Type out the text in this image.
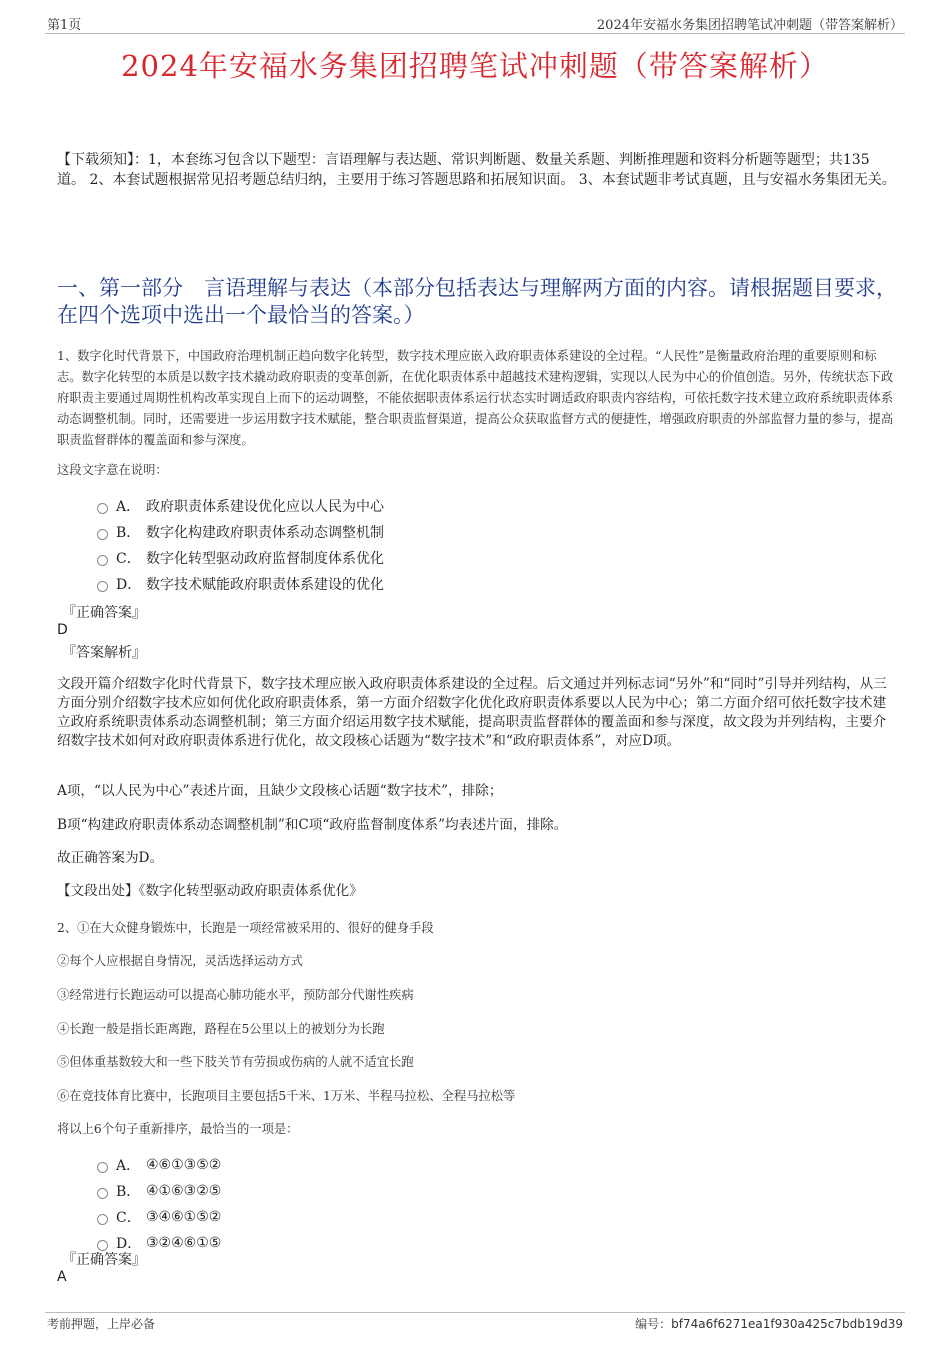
第1页	2024年安福水务集团招聘笔试冲刺题（带答案解析）
2024年安福水务集团招聘笔试冲刺题（带答案解析）
【下载须知】：1，本套练习包含以下题型：言语理解与表达题、常识判断题、数量关系题、判断推理题和资料分析题等题型；共135道。 2、本套试题根据常见招考题总结归纳，主要用于练习答题思路和拓展知识面。 3、本套试题非考试真题，且与安福水务集团无关。
一、第一部分　言语理解与表达（本部分包括表达与理解两方面的内容。请根据题目要求，在四个选项中选出一个最恰当的答案。）
1、数字化时代背景下，中国政府治理机制正趋向数字化转型，数字技术理应嵌入政府职责体系建设的全过程。“人民性”是衡量政府治理的重要原则和标志。数字化转型的本质是以数字技术撬动政府职责的变革创新，在优化职责体系中超越技术建构逻辑，实现以人民为中心的价值创造。另外，传统状态下政府职责主要通过周期性机构改革实现自上而下的运动调整，不能依据职责体系运行状态实时调适政府职责内容结构，可依托数字技术建立政府系统职责体系动态调整机制。同时，还需要进一步运用数字技术赋能，整合职责监督渠道，提高公众获取监督方式的便捷性，增强政府职责的外部监督力量的参与，提高职责监督群体的覆盖面和参与深度。
这段文字意在说明：
A． 政府职责体系建设优化应以人民为中心
B． 数字化构建政府职责体系动态调整机制
C． 数字化转型驱动政府监督制度体系优化
D． 数字技术赋能政府职责体系建设的优化
『正确答案』
D
『答案解析』
文段开篇介绍数字化时代背景下，数字技术理应嵌入政府职责体系建设的全过程。后文通过并列标志词“另外”和“同时”引导并列结构，从三方面分别介绍数字技术应如何优化政府职责体系，第一方面介绍数字化优化政府职责体系要以人民为中心；第二方面介绍可依托数字技术建立政府系统职责体系动态调整机制；第三方面介绍运用数字技术赋能，提高职责监督群体的覆盖面和参与深度，故文段为并列结构，主要介绍数字技术如何对政府职责体系进行优化，故文段核心话题为“数字技术”和“政府职责体系”，对应D项。
A项，“以人民为中心”表述片面，且缺少文段核心话题“数字技术”，排除；
B项“构建政府职责体系动态调整机制”和C项“政府监督制度体系”均表述片面，排除。
故正确答案为D。
【文段出处】《数字化转型驱动政府职责体系优化》
2、①在大众健身锻炼中，长跑是一项经常被采用的、很好的健身手段
②每个人应根据自身情况，灵活选择运动方式
③经常进行长跑运动可以提高心肺功能水平，预防部分代谢性疾病
④长跑一般是指长距离跑，路程在5公里以上的被划分为长跑
⑤但体重基数较大和一些下肢关节有劳损或伤病的人就不适宜长跑
⑥在竞技体育比赛中，长跑项目主要包括5千米、1万米、半程马拉松、全程马拉松等
将以上6个句子重新排序，最恰当的一项是：
A． ④⑥①③⑤②
B． ④①⑥③②⑤
C． ③④⑥①⑤②
D． ③②④⑥①⑤
『正确答案』
A
考前押题，上岸必备	编号：bf74a6f6271ea1f930a425c7bdb19d39
